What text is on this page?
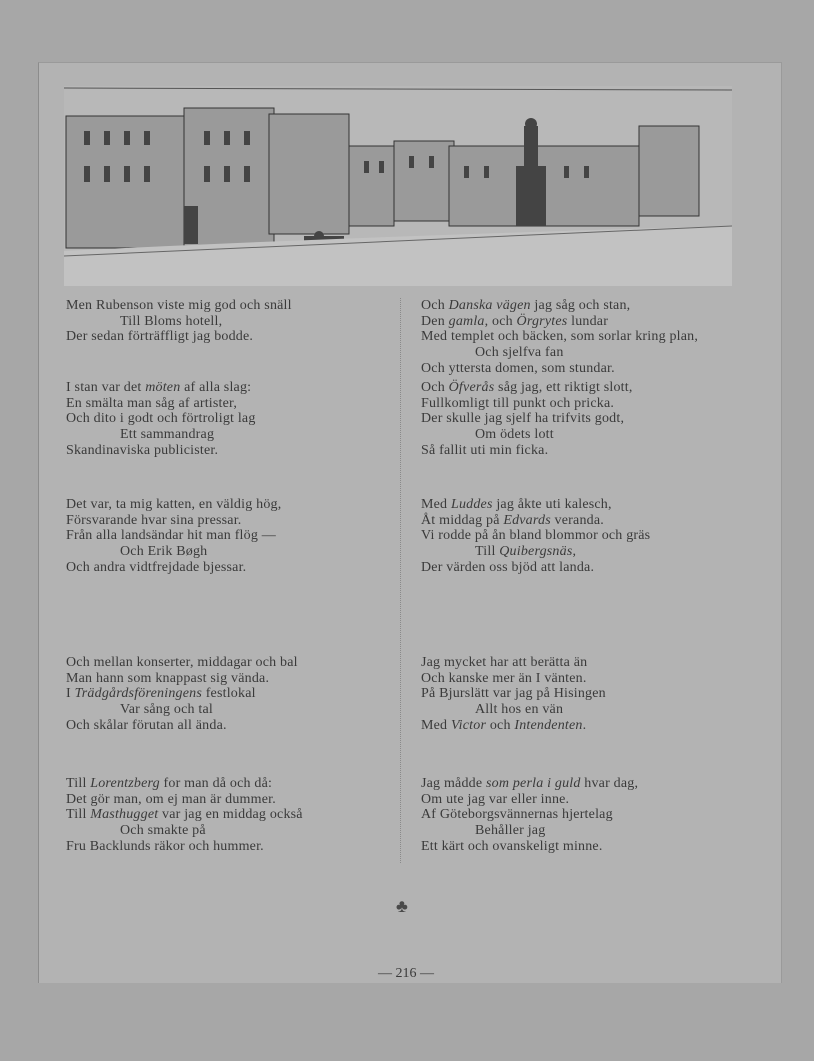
Men Rubenson viste mig god och snäll
Till Bloms hotell,
Der sedan förträffligt jag bodde.
I stan var det möten af alla slag:
En smälta man såg af artister,
Och dito i godt och förtroligt lag
Ett sammandrag
Skandinaviska publicister.
Det var, ta mig katten, en väldig hög,
Försvarande hvar sina pressar.
Från alla landsändar hit man flög —
Och Erik Bøgh
Och andra vidtfrejdade bjessar.
Och mellan konserter, middagar och bal
Man hann som knappast sig vända.
I Trädgårdsföreningens festlokal
Var sång och tal
Och skålar förutan all ända.
Till Lorentzberg for man då och då:
Det gör man, om ej man är dummer.
Till Masthugget var jag en middag också
Och smakte på
Fru Backlunds räkor och hummer.
Och Danska vägen jag såg och stan,
Den gamla, och Örgrytes lundar
Med templet och bäcken, som sorlar kring plan,
Och sjelfva fan
Och yttersta domen, som stundar.
Och Öfverås såg jag, ett riktigt slott,
Fullkomligt till punkt och pricka.
Der skulle jag sjelf ha trifvits godt,
Om ödets lott
Så fallit uti min ficka.
Med Luddes jag åkte uti kalesch,
Åt middag på Edvards veranda.
Vi rodde på ån bland blommor och gräs
Till Quibergsnäs,
Der värden oss bjöd att landa.
Jag mycket har att berätta än
Och kanske mer än I vänten.
På Bjurslätt var jag på Hisingen
Allt hos en vän
Med Victor och Intendenten.
Jag mådde som perla i guld hvar dag,
Om ute jag var eller inne.
Af Göteborgsvännernas hjertelag
Behåller jag
Ett kärt och ovanskeligt minne.
♣
— 216 —
